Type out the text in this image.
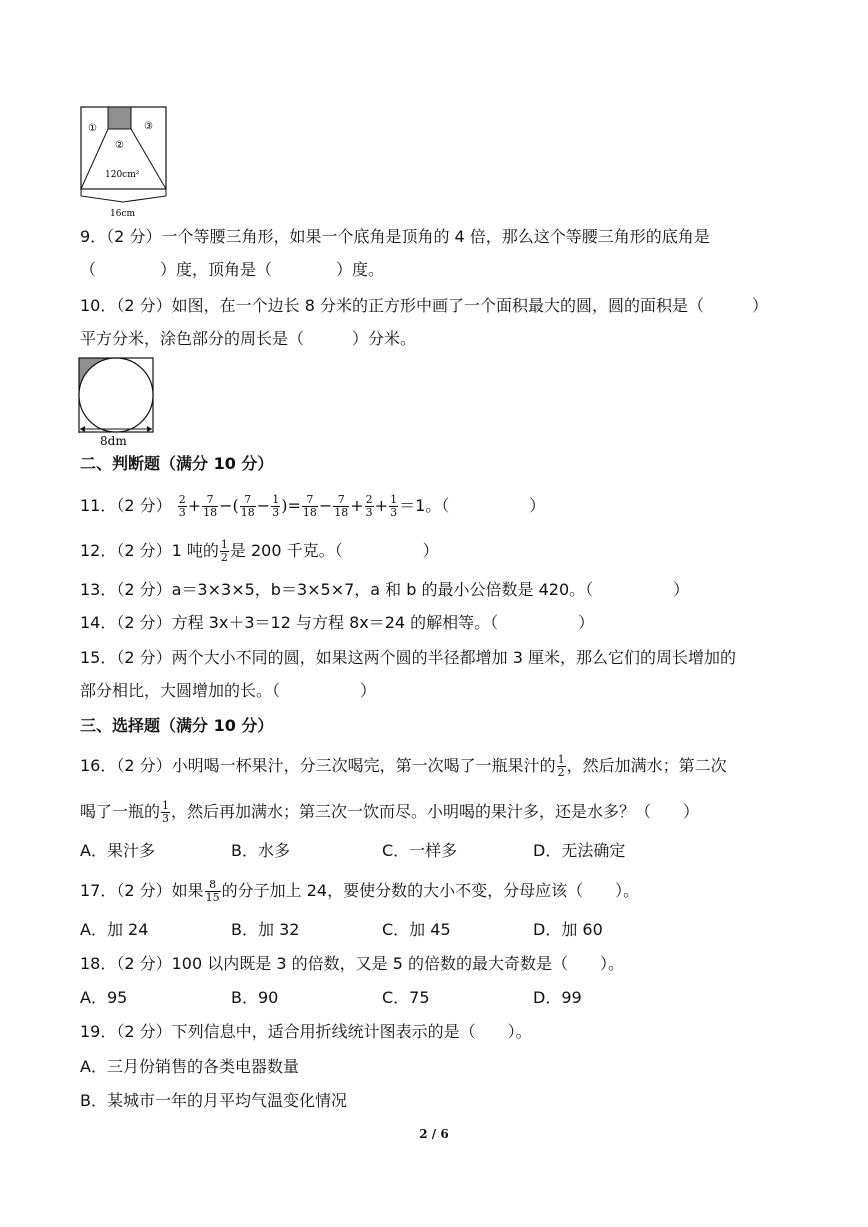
①	③
②
120cm²
16cm
9．（2 分）一个等腰三角形，如果一个底角是顶角的 4 倍，那么这个等腰三角形的底角是
（　　　　）度，顶角是（　　　　）度。
10．（2 分）如图，在一个边长 8 分米的正方形中画了一个面积最大的圆，圆的面积是（　　　）
平方分米，涂色部分的周长是（　　　）分米。
8dm
二、判断题（满分 10 分）
11．（2 分） $\frac{2}{3} + \frac{7}{18}$ −( $\frac{7}{18} - \frac{1}{3}$ )= $\frac{7}{18} - \frac{7}{18} + \frac{2}{3} + \frac{1}{3} =1$。（　　　　　）
12．（2 分）1 吨的 $\frac{1}{2}$ 是 200 千克。（　　　　　）
13．（2 分）a＝3×3×5，b＝3×5×7，a 和 b 的最小公倍数是 420。（　　　　　）
14．（2 分）方程 3x＋3＝12 与方程 8x＝24 的解相等。（　　　　　）
15．（2 分）两个大小不同的圆，如果这两个圆的半径都增加 3 厘米，那么它们的周长增加的
部分相比，大圆增加的长。（　　　　　）
三、选择题（满分 10 分）
16．（2 分）小明喝一杯果汁，分三次喝完，第一次喝了一瓶果汁的 $\frac{1}{2}$ ，然后加满水；第二次
喝了一瓶的 $\frac{1}{3}$ ，然后再加满水；第三次一饮而尽。小明喝的果汁多，还是水多？（　　）
A．果汁多	B．水多	C．一样多	D．无法确定
17．（2 分）如果 $\frac{8}{15}$ 的分子加上 24，要使分数的大小不变，分母应该（　　）。
A．加 24	B．加 32	C．加 45	D．加 60
18．（2 分）100 以内既是 3 的倍数，又是 5 的倍数的最大奇数是（　　）。
A．95	B．90	C．75	D．99
19．（2 分）下列信息中，适合用折线统计图表示的是（　　）。
A．三月份销售的各类电器数量
B．某城市一年的月平均气温变化情况
2 / 6
